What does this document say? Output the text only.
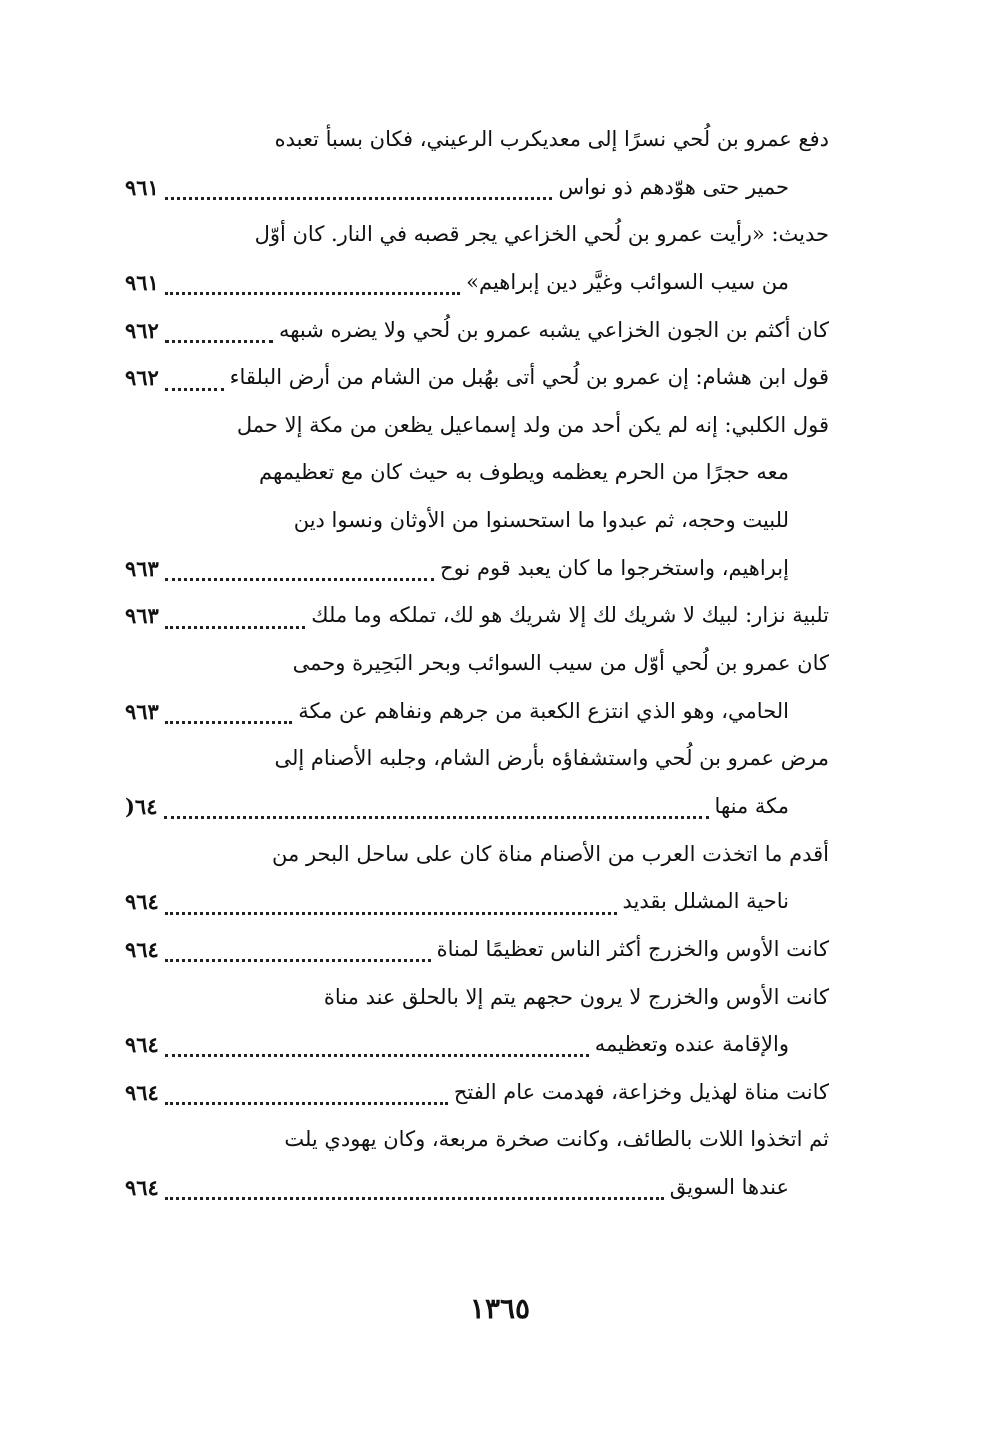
دفع عمرو بن لُحي نسرًا إلى معديكرب الرعيني، فكان بسبأ تعبده
حمير حتى هوّدهم ذو نواس
٩٦١
حديث: «رأيت عمرو بن لُحي الخزاعي يجر قصبه في النار. كان أوّل
من سيب السوائب وغيَّر دين إبراهيم»
٩٦١
كان أكثم بن الجون الخزاعي يشبه عمرو بن لُحي ولا يضره شبهه
٩٦٢
قول ابن هشام: إن عمرو بن لُحي أتى بهُبل من الشام من أرض البلقاء
٩٦٢
قول الكلبي: إنه لم يكن أحد من ولد إسماعيل يظعن من مكة إلا حمل
معه حجرًا من الحرم يعظمه ويطوف به حيث كان مع تعظيمهم
للبيت وحجه، ثم عبدوا ما استحسنوا من الأوثان ونسوا دين
إبراهيم، واستخرجوا ما كان يعبد قوم نوح
٩٦٣
تلبية نزار: لبيك لا شريك لك إلا شريك هو لك، تملكه وما ملك
٩٦٣
كان عمرو بن لُحي أوّل من سيب السوائب وبحر البَحِيرة وحمى
الحامي، وهو الذي انتزع الكعبة من جرهم ونفاهم عن مكة
٩٦٣
مرض عمرو بن لُحي واستشفاؤه بأرض الشام، وجلبه الأصنام إلى
مكة منها
)٦٤
أقدم ما اتخذت العرب من الأصنام مناة كان على ساحل البحر من
ناحية المشلل بقديد
٩٦٤
كانت الأوس والخزرج أكثر الناس تعظيمًا لمناة
٩٦٤
كانت الأوس والخزرج لا يرون حجهم يتم إلا بالحلق عند مناة
والإقامة عنده وتعظيمه
٩٦٤
كانت مناة لهذيل وخزاعة، فهدمت عام الفتح
٩٦٤
ثم اتخذوا اللات بالطائف، وكانت صخرة مربعة، وكان يهودي يلت
عندها السويق
٩٦٤
١٣٦٥
